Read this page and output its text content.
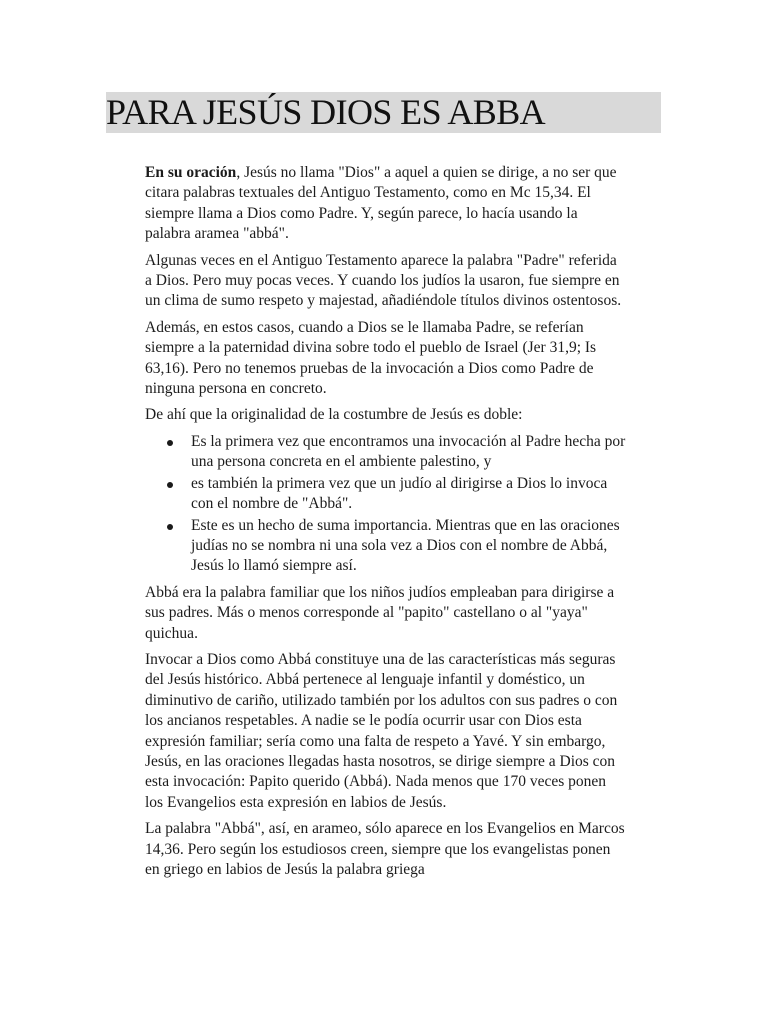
PARA JESÚS DIOS ES ABBA

En su oración, Jesús no llama "Dios" a aquel a quien se dirige, a no ser que citara palabras textuales del Antiguo Testamento, como en Mc 15,34. El siempre llama a Dios como Padre. Y, según parece, lo hacía usando la palabra aramea "abbá".

Algunas veces en el Antiguo Testamento aparece la palabra "Padre" referida a Dios. Pero muy pocas veces. Y cuando los judíos la usaron, fue siempre en un clima de sumo respeto y majestad, añadiéndole títulos divinos ostentosos.

Además, en estos casos, cuando a Dios se le llamaba Padre, se referían siempre a la paternidad divina sobre todo el pueblo de Israel (Jer 31,9; Is 63,16). Pero no tenemos pruebas de la invocación a Dios como Padre de ninguna persona en concreto.

De ahí que la originalidad de la costumbre de Jesús es doble:

Es la primera vez que encontramos una invocación al Padre hecha por una persona concreta en el ambiente palestino, y
es también la primera vez que un judío al dirigirse a Dios lo invoca con el nombre de "Abbá".
Este es un hecho de suma importancia. Mientras que en las oraciones judías no se nombra ni una sola vez a Dios con el nombre de Abbá, Jesús lo llamó siempre así.

Abbá era la palabra familiar que los niños judíos empleaban para dirigirse a sus padres. Más o menos corresponde al "papito" castellano o al "yaya" quichua.

Invocar a Dios como Abbá constituye una de las características más seguras del Jesús histórico. Abbá pertenece al lenguaje infantil y doméstico, un diminutivo de cariño, utilizado también por los adultos con sus padres o con los ancianos respetables. A nadie se le podía ocurrir usar con Dios esta expresión familiar; sería como una falta de respeto a Yavé. Y sin embargo, Jesús, en las oraciones llegadas hasta nosotros, se dirige siempre a Dios con esta invocación: Papito querido (Abbá). Nada menos que 170 veces ponen los Evangelios esta expresión en labios de Jesús.

La palabra "Abbá", así, en arameo, sólo aparece en los Evangelios en Marcos 14,36. Pero según los estudiosos creen, siempre que los evangelistas ponen en griego en labios de Jesús la palabra griega
